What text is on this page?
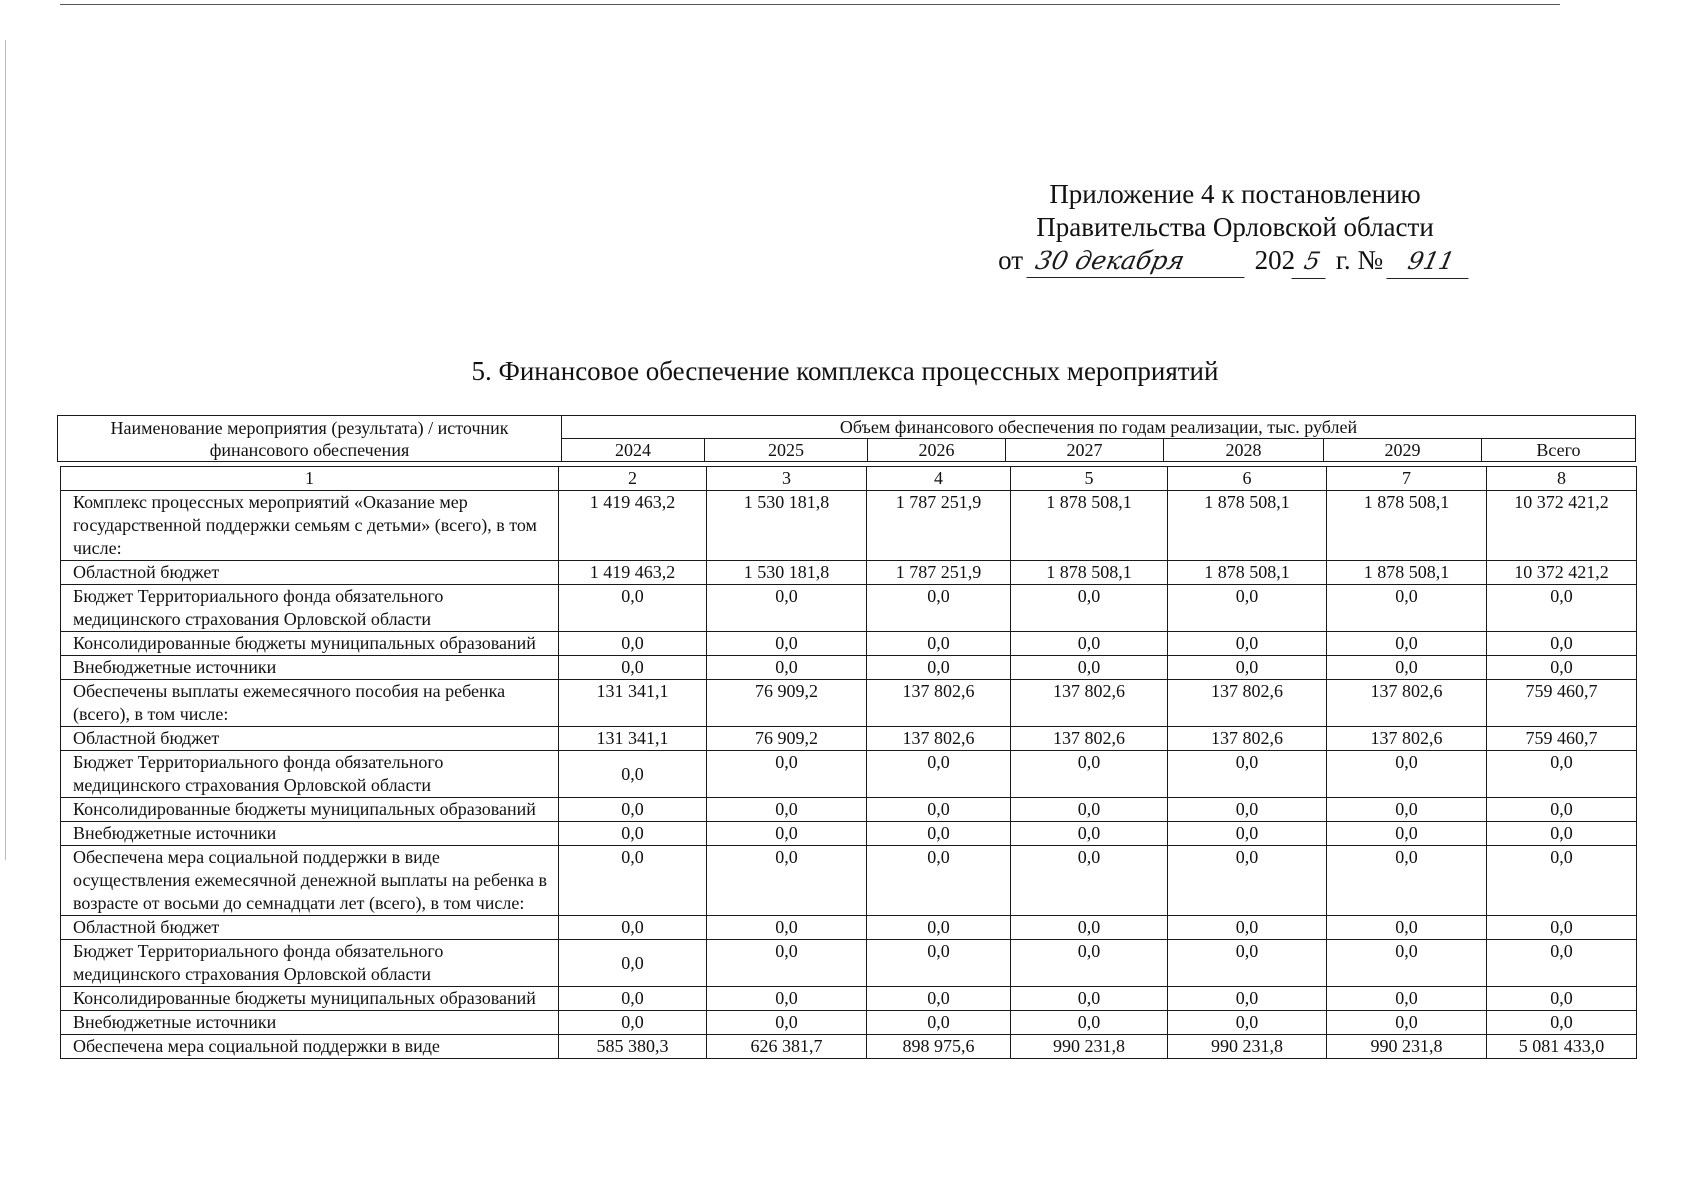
Приложение 4 к постановлению
Правительства Орловской области
от 30 декабря	202 5 г. № 911
5. Финансовое обеспечение комплекса процессных мероприятий
Наименование мероприятия (результата) / источник финансового обеспечения	Объем финансового обеспечения по годам реализации, тыс. рублей						
	2024	2025	2026	2027	2028	2029	Всего
1	2	3	4	5	6	7	8
Комплекс процессных мероприятий «Оказание мер государственной поддержки семьям с детьми» (всего), в том числе:	1 419 463,2	1 530 181,8	1 787 251,9	1 878 508,1	1 878 508,1	1 878 508,1	10 372 421,2
Областной бюджет	1 419 463,2	1 530 181,8	1 787 251,9	1 878 508,1	1 878 508,1	1 878 508,1	10 372 421,2
Бюджет Территориального фонда обязательного медицинского страхования Орловской области	0,0	0,0	0,0	0,0	0,0	0,0	0,0
Консолидированные бюджеты муниципальных образований	0,0	0,0	0,0	0,0	0,0	0,0	0,0
Внебюджетные источники	0,0	0,0	0,0	0,0	0,0	0,0	0,0
Обеспечены выплаты ежемесячного пособия на ребенка (всего), в том числе:	131 341,1	76 909,2	137 802,6	137 802,6	137 802,6	137 802,6	759 460,7
Областной бюджет	131 341,1	76 909,2	137 802,6	137 802,6	137 802,6	137 802,6	759 460,7
Бюджет Территориального фонда обязательного медицинского страхования Орловской области	0,0	0,0	0,0	0,0	0,0	0,0	0,0
Консолидированные бюджеты муниципальных образований	0,0	0,0	0,0	0,0	0,0	0,0	0,0
Внебюджетные источники	0,0	0,0	0,0	0,0	0,0	0,0	0,0
Обеспечена мера социальной поддержки в виде осуществления ежемесячной денежной выплаты на ребенка в возрасте от восьми до семнадцати лет (всего), в том числе:	0,0	0,0	0,0	0,0	0,0	0,0	0,0
Областной бюджет	0,0	0,0	0,0	0,0	0,0	0,0	0,0
Бюджет Территориального фонда обязательного медицинского страхования Орловской области	0,0	0,0	0,0	0,0	0,0	0,0	0,0
Консолидированные бюджеты муниципальных образований	0,0	0,0	0,0	0,0	0,0	0,0	0,0
Внебюджетные источники	0,0	0,0	0,0	0,0	0,0	0,0	0,0
Обеспечена мера социальной поддержки в виде	585 380,3	626 381,7	898 975,6	990 231,8	990 231,8	990 231,8	5 081 433,0
